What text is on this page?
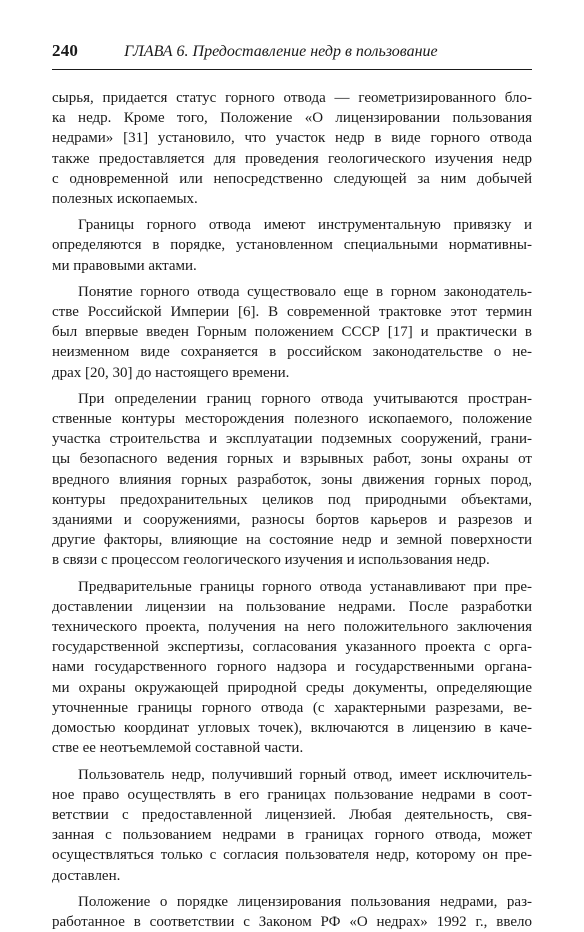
240	ГЛАВА 6. Предоставление недр в пользование

сырья, придается статус горного отвода — геометризированного бло-
ка недр. Кроме того, Положение «О лицензировании пользования
недрами» [31] установило, что участок недр в виде горного отвода
также предоставляется для проведения геологического изучения недр
с одновременной или непосредственно следующей за ним добычей
полезных ископаемых.

Границы горного отвода имеют инструментальную привязку и
определяются в порядке, установленном специальными нормативны-
ми правовыми актами.

Понятие горного отвода существовало еще в горном законодатель-
стве Российской Империи [6]. В современной трактовке этот термин
был впервые введен Горным положением СССР [17] и практически в
неизменном виде сохраняется в российском законодательстве о не-
драх [20, 30] до настоящего времени.

При определении границ горного отвода учитываются простран-
ственные контуры месторождения полезного ископаемого, положение
участка строительства и эксплуатации подземных сооружений, грани-
цы безопасного ведения горных и взрывных работ, зоны охраны от
вредного влияния горных разработок, зоны движения горных пород,
контуры предохранительных целиков под природными объектами,
зданиями и сооружениями, разносы бортов карьеров и разрезов и
другие факторы, влияющие на состояние недр и земной поверхности
в связи с процессом геологического изучения и использования недр.

Предварительные границы горного отвода устанавливают при пре-
доставлении лицензии на пользование недрами. После разработки
технического проекта, получения на него положительного заключения
государственной экспертизы, согласования указанного проекта с орга-
нами государственного горного надзора и государственными органа-
ми охраны окружающей природной среды документы, определяющие
уточненные границы горного отвода (с характерными разрезами, ве-
домостью координат угловых точек), включаются в лицензию в каче-
стве ее неотъемлемой составной части.

Пользователь недр, получивший горный отвод, имеет исключитель-
ное право осуществлять в его границах пользование недрами в соот-
ветствии с предоставленной лицензией. Любая деятельность, свя-
занная с пользованием недрами в границах горного отвода, может
осуществляться только с согласия пользователя недр, которому он пре-
доставлен.

Положение о порядке лицензирования пользования недрами, раз-
работанное в соответствии с Законом РФ «О недрах» 1992 г., ввело
